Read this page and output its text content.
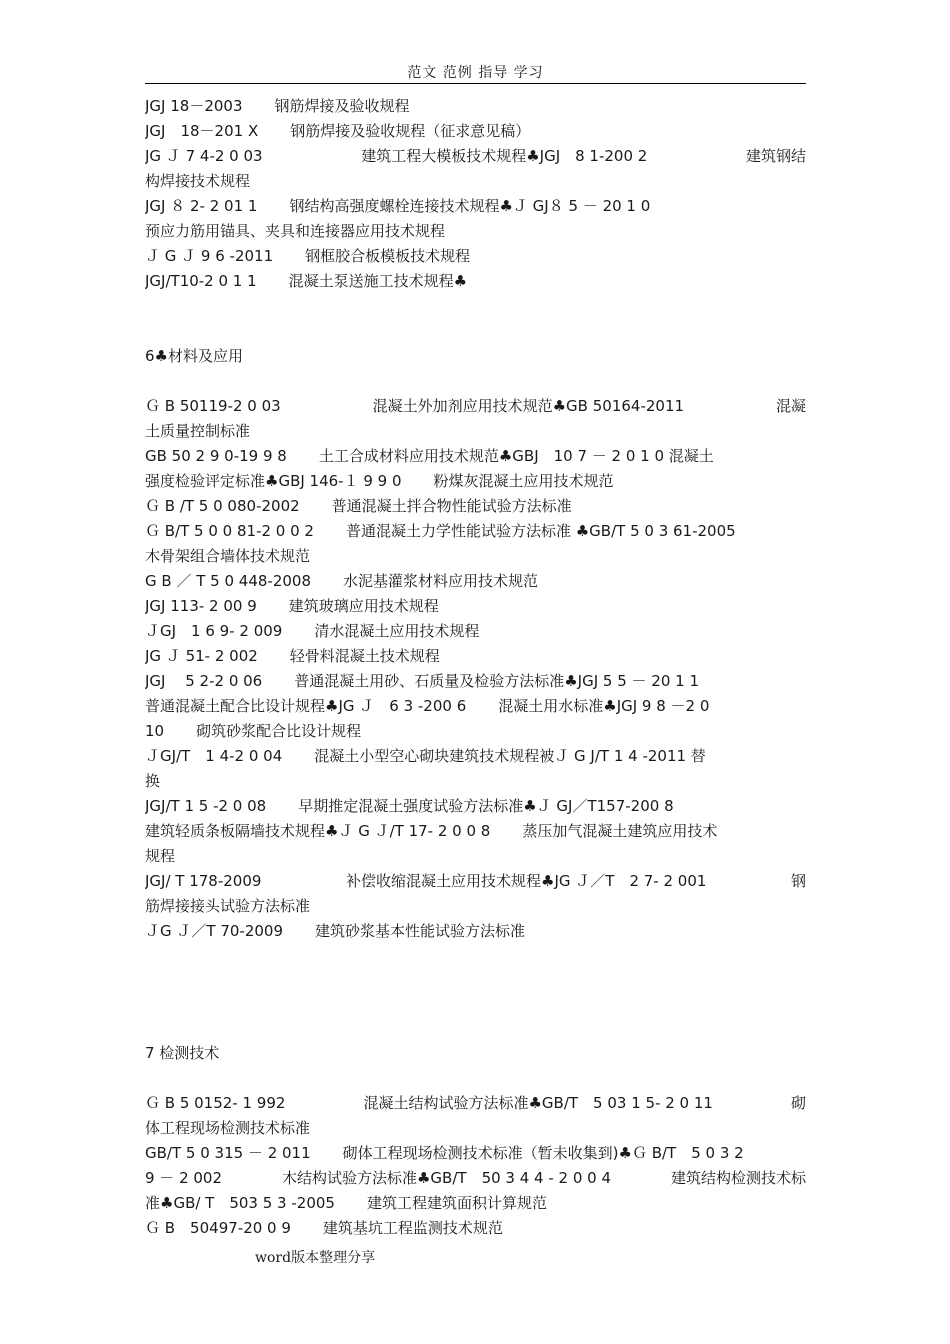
范文 范例 指导 学习
JGJ 18－2003 钢筋焊接及验收规程
JGJ　18－201 X 钢筋焊接及验收规程（征求意见稿）
JG Ｊ 7 4-2 0 03	建筑工程大模板技术规程♣JGJ　8 1-200 2	建筑钢结
构焊接技术规程
JGJ ８ 2- 2 01 1 钢结构高强度螺栓连接技术规程♣Ｊ GJ８ 5 － 20 1 0
预应力筋用锚具、夹具和连接器应用技术规程
Ｊ G Ｊ 9 6 -2011 钢框胶合板模板技术规程
JGJ/T10-2 0 1 1 混凝土泵送施工技术规程♣
6♣材料及应用
Ｇ B 50119-2 0 03	混凝土外加剂应用技术规范♣GB 50164-2011	混凝
土质量控制标准
GB 50 2 9 0-19 9 8 土工合成材料应用技术规范♣GBJ　10 7 － 2 0 1 0 混凝土
强度检验评定标准♣GBJ 146-１ 9 9 0 粉煤灰混凝土应用技术规范
Ｇ B /T 5 0 080-2002 普通混凝土拌合物性能试验方法标准
Ｇ B/T 5 0 0 81-2 0 0 2 普通混凝土力学性能试验方法标准 ♣GB/T 5 0 3 61-2005
木骨架组合墙体技术规范
G B ／ T 5 0 448-2008 水泥基灌浆材料应用技术规范
JGJ 113- 2 00 9 建筑玻璃应用技术规程
ＪGJ　1 6 9- 2 009 清水混凝土应用技术规程
JG Ｊ 51- 2 002 轻骨料混凝土技术规程
JGJ　 5 2-2 0 06 普通混凝土用砂、石质量及检验方法标准♣JGJ 5 5 － 20 1 1
普通混凝土配合比设计规程♣JG Ｊ　6 3 -200 6 混凝土用水标准♣JGJ 9 8 －2 0
10 砌筑砂浆配合比设计规程
ＪGJ/T　1 4-2 0 04 混凝土小型空心砌块建筑技术规程被Ｊ G J/T 1 4 -2011 替
换
JGJ/T 1 5 -2 0 08 早期推定混凝土强度试验方法标准♣Ｊ GJ／T157-200 8
建筑轻质条板隔墙技术规程♣Ｊ G Ｊ/T 17- 2 0 0 8 蒸压加气混凝土建筑应用技术
规程
JGJ/ T 178-2009	补偿收缩混凝土应用技术规程♣JG Ｊ／T　2 7- 2 001	钢
筋焊接接头试验方法标准
ＪG Ｊ／T 70-2009 建筑砂浆基本性能试验方法标准
7 检测技术
Ｇ B 5 0152- 1 992	混凝土结构试验方法标准♣GB/T　5 03 1 5- 2 0 11	砌
体工程现场检测技术标准
GB/T 5 0 315 － 2 011 砌体工程现场检测技术标准（暂未收集到)♣Ｇ B/T　5 0 3 2
9 － 2 002	木结构试验方法标准♣GB/T　50 3 4 4 - 2 0 0 4	建筑结构检测技术标
准♣GB/ T　503 5 3 -2005 建筑工程建筑面积计算规范
Ｇ B　50497-20 0 9 建筑基坑工程监测技术规范
word版本整理分享
